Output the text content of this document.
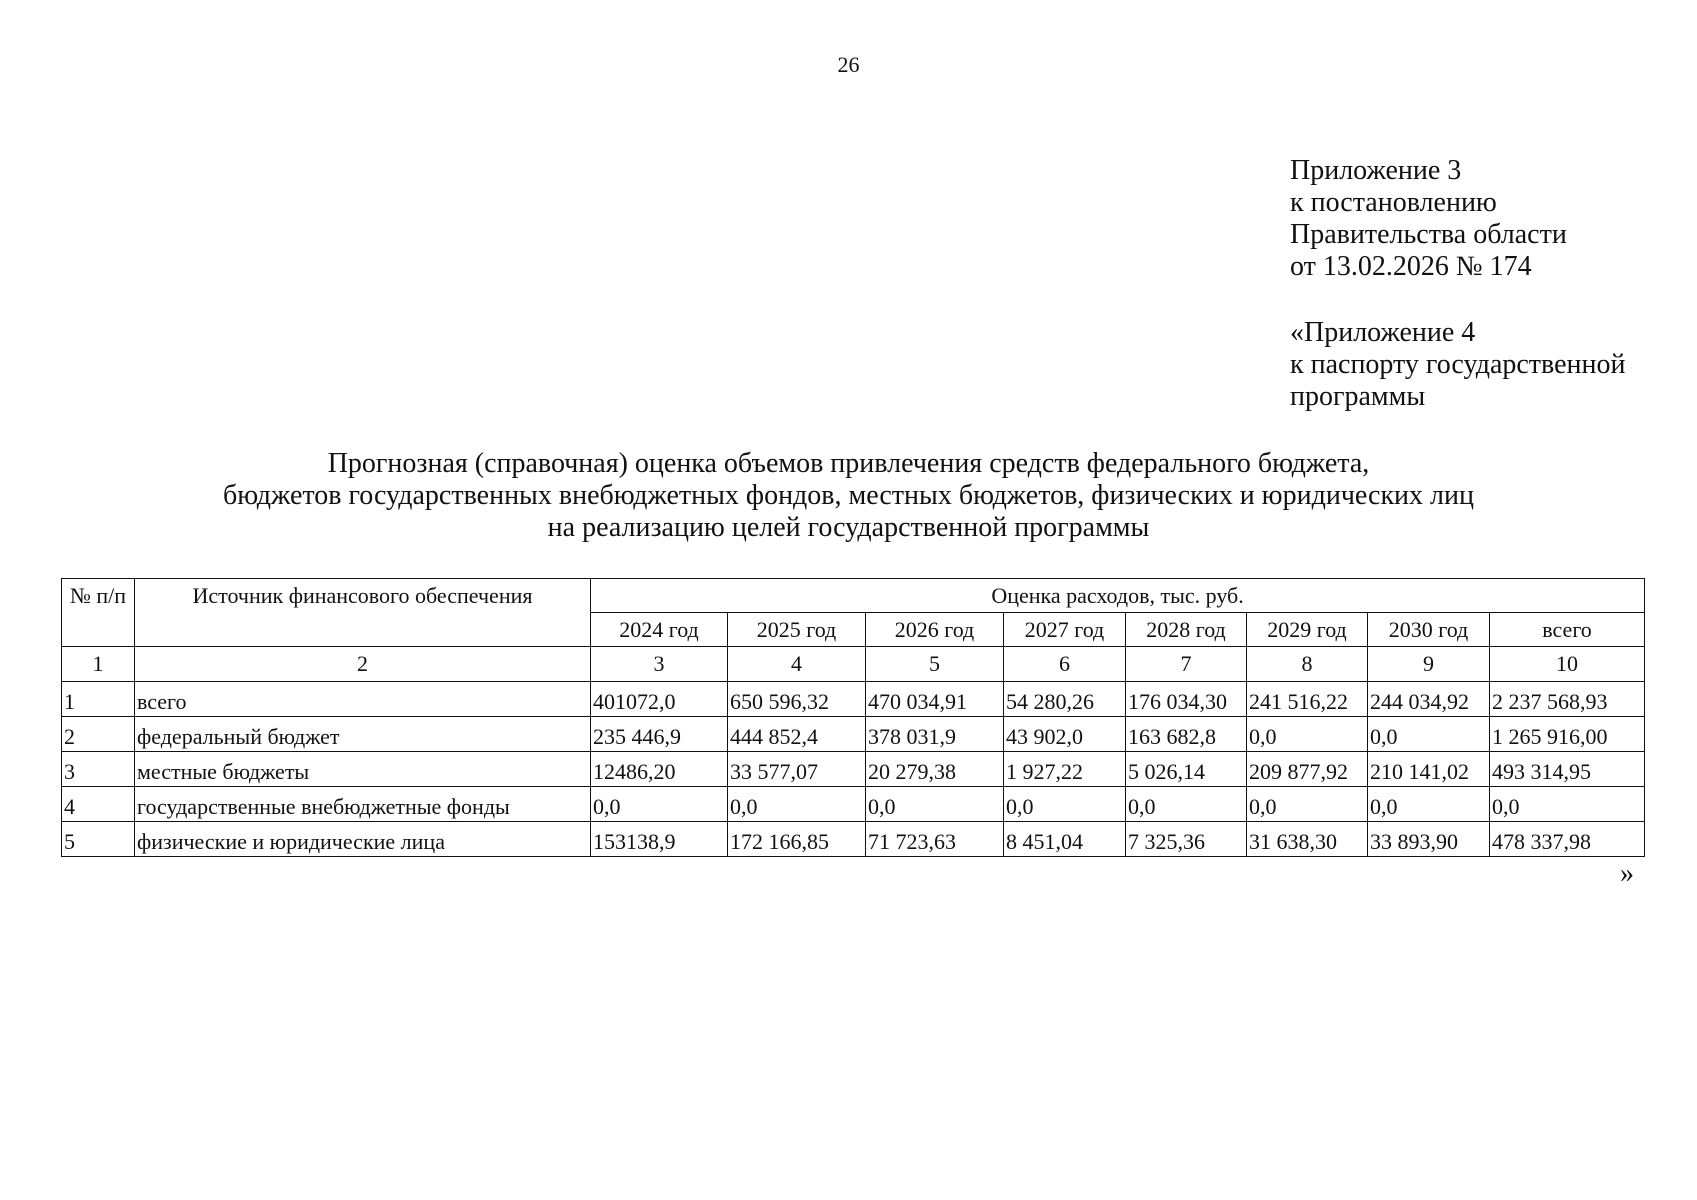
26
Приложение 3
к постановлению
Правительства области
от 13.02.2026 № 174
«Приложение 4
к паспорту государственной
программы
Прогнозная (справочная) оценка объемов привлечения средств федерального бюджета,
бюджетов государственных внебюджетных фондов, местных бюджетов, физических и юридических лиц
на реализацию целей государственной программы
№ п/п	Источник финансового обеспечения	Оценка расходов, тыс. руб.							
		2024 год	2025 год	2026 год	2027 год	2028 год	2029 год	2030 год	всего
1	2	3	4	5	6	7	8	9	10
1	всего	401072,0	650 596,32	470 034,91	54 280,26	176 034,30	241 516,22	244 034,92	2 237 568,93
2	федеральный бюджет	235 446,9	444 852,4	378 031,9	43 902,0	163 682,8	0,0	0,0	1 265 916,00
3	местные бюджеты	12486,20	33 577,07	20 279,38	1 927,22	5 026,14	209 877,92	210 141,02	493 314,95
4	государственные внебюджетные фонды	0,0	0,0	0,0	0,0	0,0	0,0	0,0	0,0
5	физические и юридические лица	153138,9	172 166,85	71 723,63	8 451,04	7 325,36	31 638,30	33 893,90	478 337,98
»
